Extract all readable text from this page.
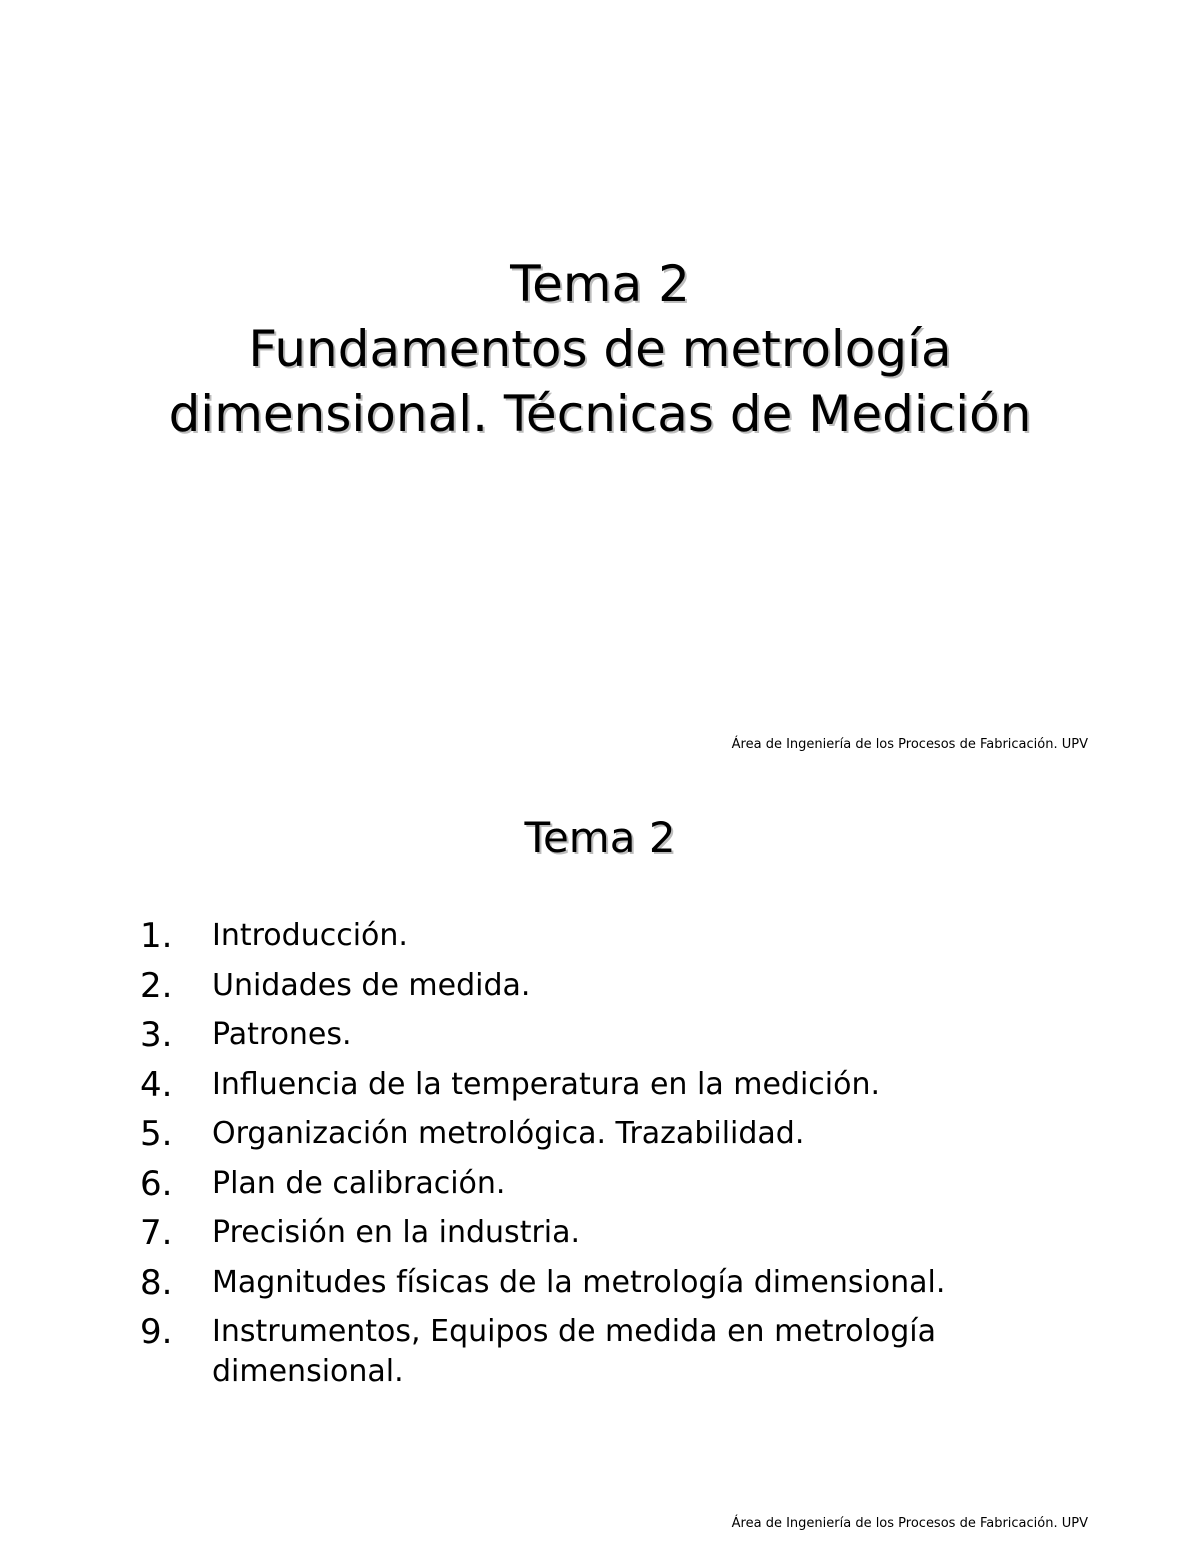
Tema 2
Fundamentos de metrología
dimensional. Técnicas de Medición
Área de Ingeniería de los Procesos de Fabricación. UPV
Tema 2
1.	Introducción.
2.	Unidades de medida.
3.	Patrones.
4.	Influencia de la temperatura en la medición.
5.	Organización metrológica. Trazabilidad.
6.	Plan de calibración.
7.	Precisión en la industria.
8.	Magnitudes físicas de la metrología dimensional.
9.	Instrumentos, Equipos de medida en metrología dimensional.
Área de Ingeniería de los Procesos de Fabricación. UPV
